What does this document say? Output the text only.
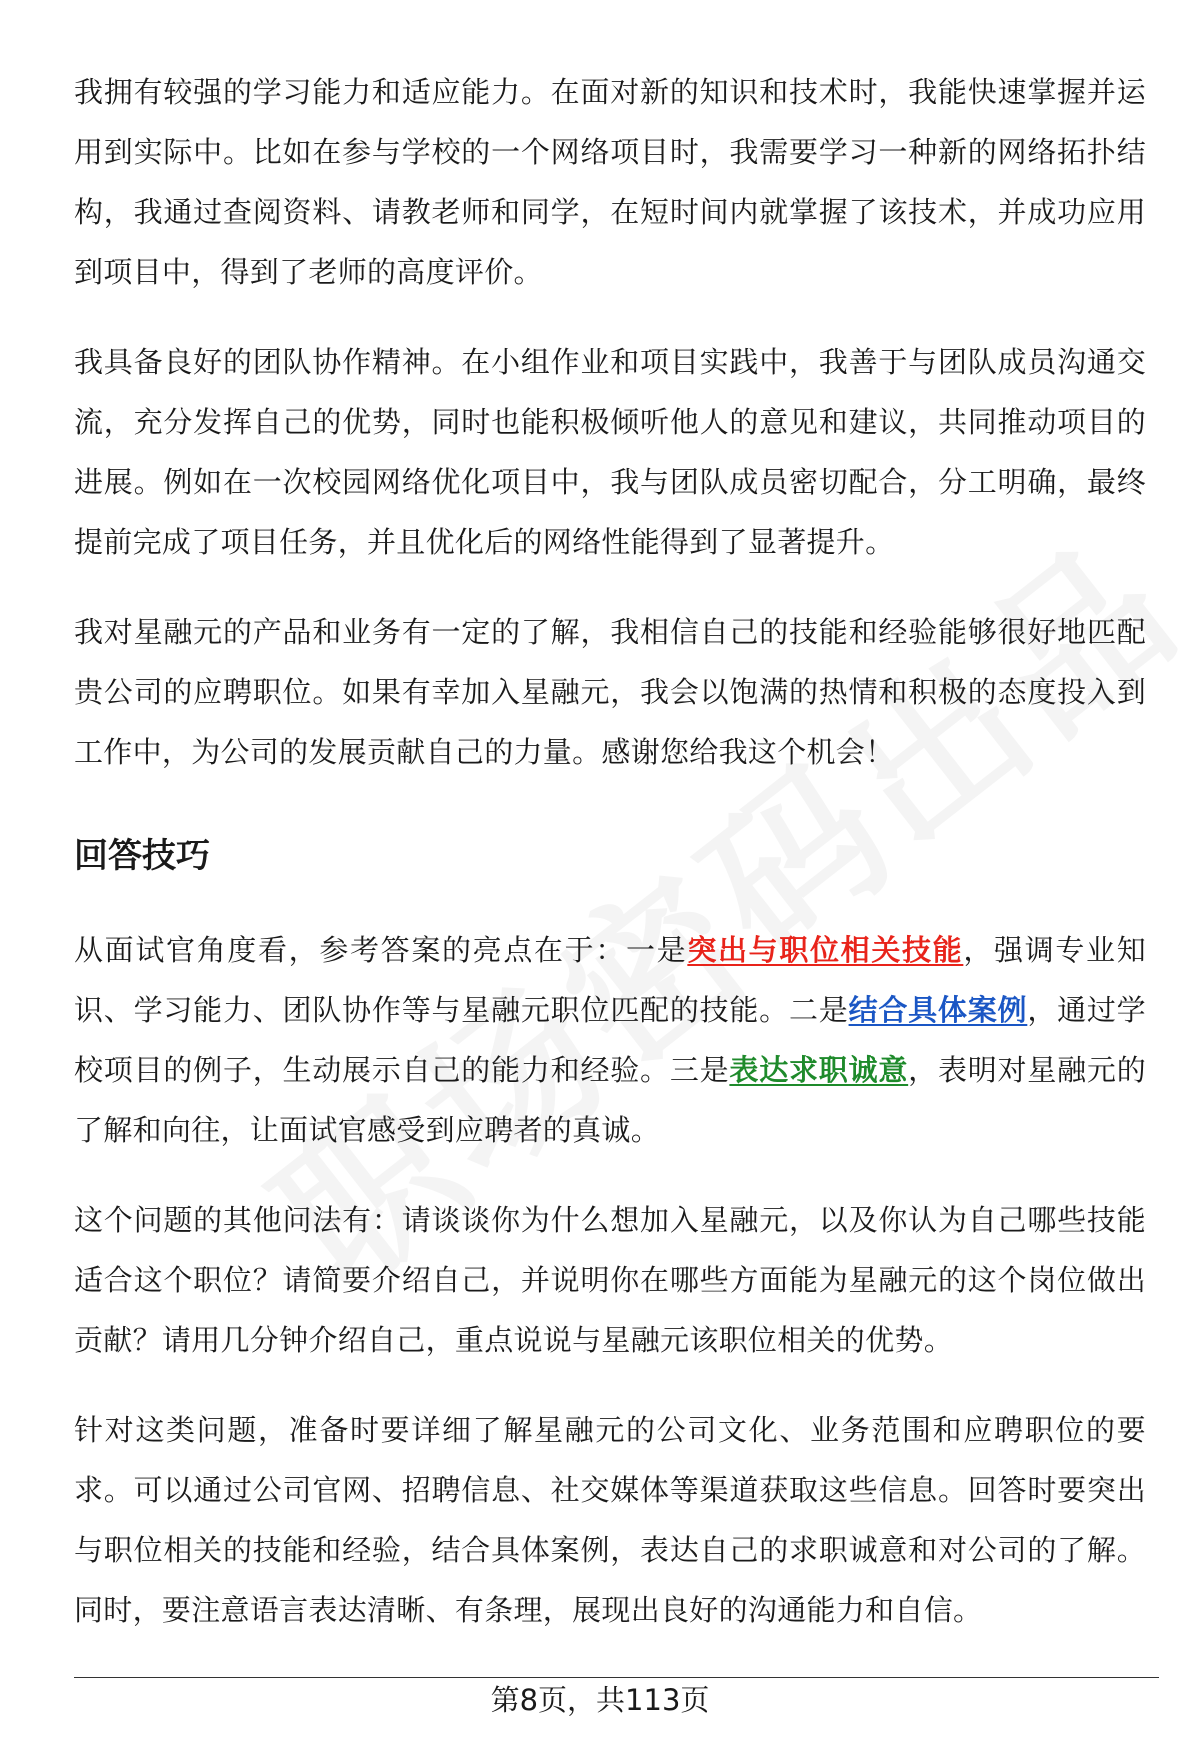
我拥有较强的学习能力和适应能力。在面对新的知识和技术时，我能快速掌握并运用到实际中。比如在参与学校的一个网络项目时，我需要学习一种新的网络拓扑结构，我通过查阅资料、请教老师和同学，在短时间内就掌握了该技术，并成功应用到项目中，得到了老师的高度评价。

我具备良好的团队协作精神。在小组作业和项目实践中，我善于与团队成员沟通交流，充分发挥自己的优势，同时也能积极倾听他人的意见和建议，共同推动项目的进展。例如在一次校园网络优化项目中，我与团队成员密切配合，分工明确，最终提前完成了项目任务，并且优化后的网络性能得到了显著提升。

我对星融元的产品和业务有一定的了解，我相信自己的技能和经验能够很好地匹配贵公司的应聘职位。如果有幸加入星融元，我会以饱满的热情和积极的态度投入到工作中，为公司的发展贡献自己的力量。感谢您给我这个机会！

回答技巧

从面试官角度看，参考答案的亮点在于：一是突出与职位相关技能，强调专业知识、学习能力、团队协作等与星融元职位匹配的技能。二是结合具体案例，通过学校项目的例子，生动展示自己的能力和经验。三是表达求职诚意，表明对星融元的了解和向往，让面试官感受到应聘者的真诚。

这个问题的其他问法有：请谈谈你为什么想加入星融元，以及你认为自己哪些技能适合这个职位？请简要介绍自己，并说明你在哪些方面能为星融元的这个岗位做出贡献？请用几分钟介绍自己，重点说说与星融元该职位相关的优势。

针对这类问题，准备时要详细了解星融元的公司文化、业务范围和应聘职位的要求。可以通过公司官网、招聘信息、社交媒体等渠道获取这些信息。回答时要突出与职位相关的技能和经验，结合具体案例，表达自己的求职诚意和对公司的了解。同时，要注意语言表达清晰、有条理，展现出良好的沟通能力和自信。

第8页，共113页
